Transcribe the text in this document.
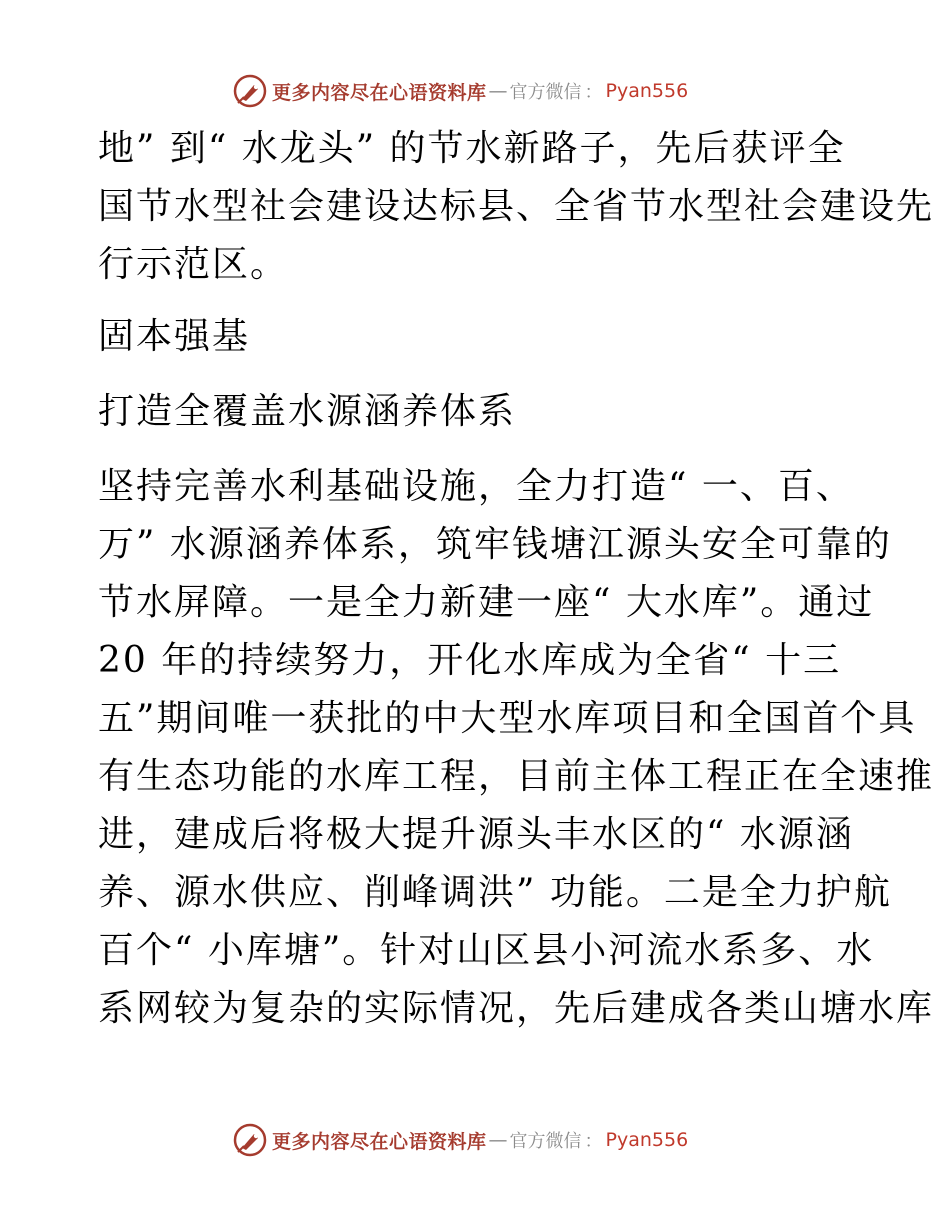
更多内容尽在心语资料库 — 官方微信 ： Pyan556
地” 到“ 水龙头” 的节水新路子，先后获评全
国节水型社会建设达标县、全省节水型社会建设先
行示范区。
固本强基
打造全覆盖水源涵养体系
坚持完善水利基础设施，全力打造“ 一、百、
万” 水源涵养体系，筑牢钱塘江源头安全可靠的
节水屏障。一是全力新建一座“ 大水库”。通过
20 年的持续努力，开化水库成为全省“ 十三
五”期间唯一获批的中大型水库项目和全国首个具
有生态功能的水库工程，目前主体工程正在全速推
进，建成后将极大提升源头丰水区的“ 水源涵
养、源水供应、削峰调洪” 功能。二是全力护航
百个“ 小库塘”。针对山区县小河流水系多、水
系网较为复杂的实际情况，先后建成各类山塘水库
更多内容尽在心语资料库 — 官方微信 ： Pyan556
